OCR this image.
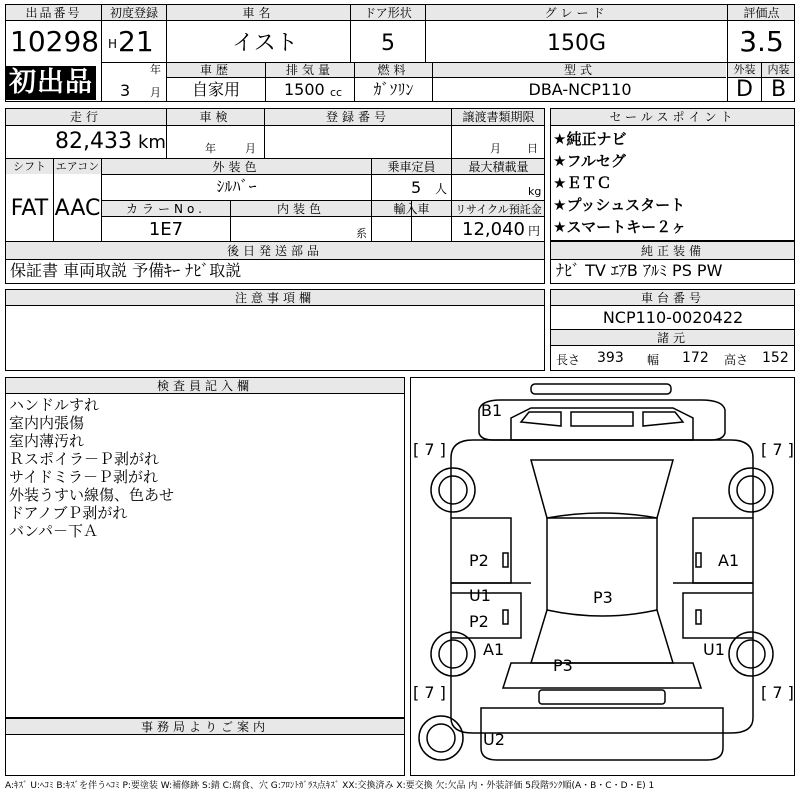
出品番号
10298
初出品
初度登録
H 21
年
3 月
車名
イスト
ドア形状
5
グレード
150G
評価点
3.5
車歴
自家用
排気量
1500 cc
燃料
ｶﾞｿﾘﾝ
型式
DBA-NCP110
外装	内装
D B
走行
82,433 km
車検
年	月
登録番号	譲渡書類期限
月 日
シフト
FAT
エアコン
AAC
外装色
ｼﾙﾊﾞｰ
乗車定員
5 人
最大積載量
kg
カラーNo.
1E7
内装色
系
輸入車	リサイクル預託金
12,040 円
後日発送部品
保証書 車両取説 予備ｷｰ ﾅﾋﾞ取説
注意事項欄
セールスポイント
★純正ナビ
★フルセグ
★ＥＴＣ
★プッシュスタート
★スマートキー２ヶ
純正装備
ﾅﾋﾞ TV ｴｱB ｱﾙﾐ PS PW
車台番号
NCP110-0020422
諸元
長さ 393 幅 172 高さ 152
検査員記入欄
ハンドルすれ
室内内張傷
室内薄汚れ
Ｒスポイラ－Ｐ剥がれ
サイドミラ－Ｐ剥がれ
外装うすい線傷、色あせ
ドアノブＰ剥がれ
バンパ－下Ａ
事務局よりご案内
B1
P2
U1
P2
A1
P3
P3
A1
U1
U2
[ 7 ]	[ 7 ]
[ 7 ]	[ 7 ]
A:ｷｽﾞ U:ﾍｺﾐ B:ｷｽﾞを伴うﾍｺﾐ P:要塗装 W:補修跡 S:錆 C:腐食、穴 G:ﾌﾛﾝﾄｶﾞﾗｽ点ｷｽﾞ XX:交換済み X:要交換 欠:欠品 内・外装評価 5段階ﾗﾝｸ順(A・B・C・D・E) 1
